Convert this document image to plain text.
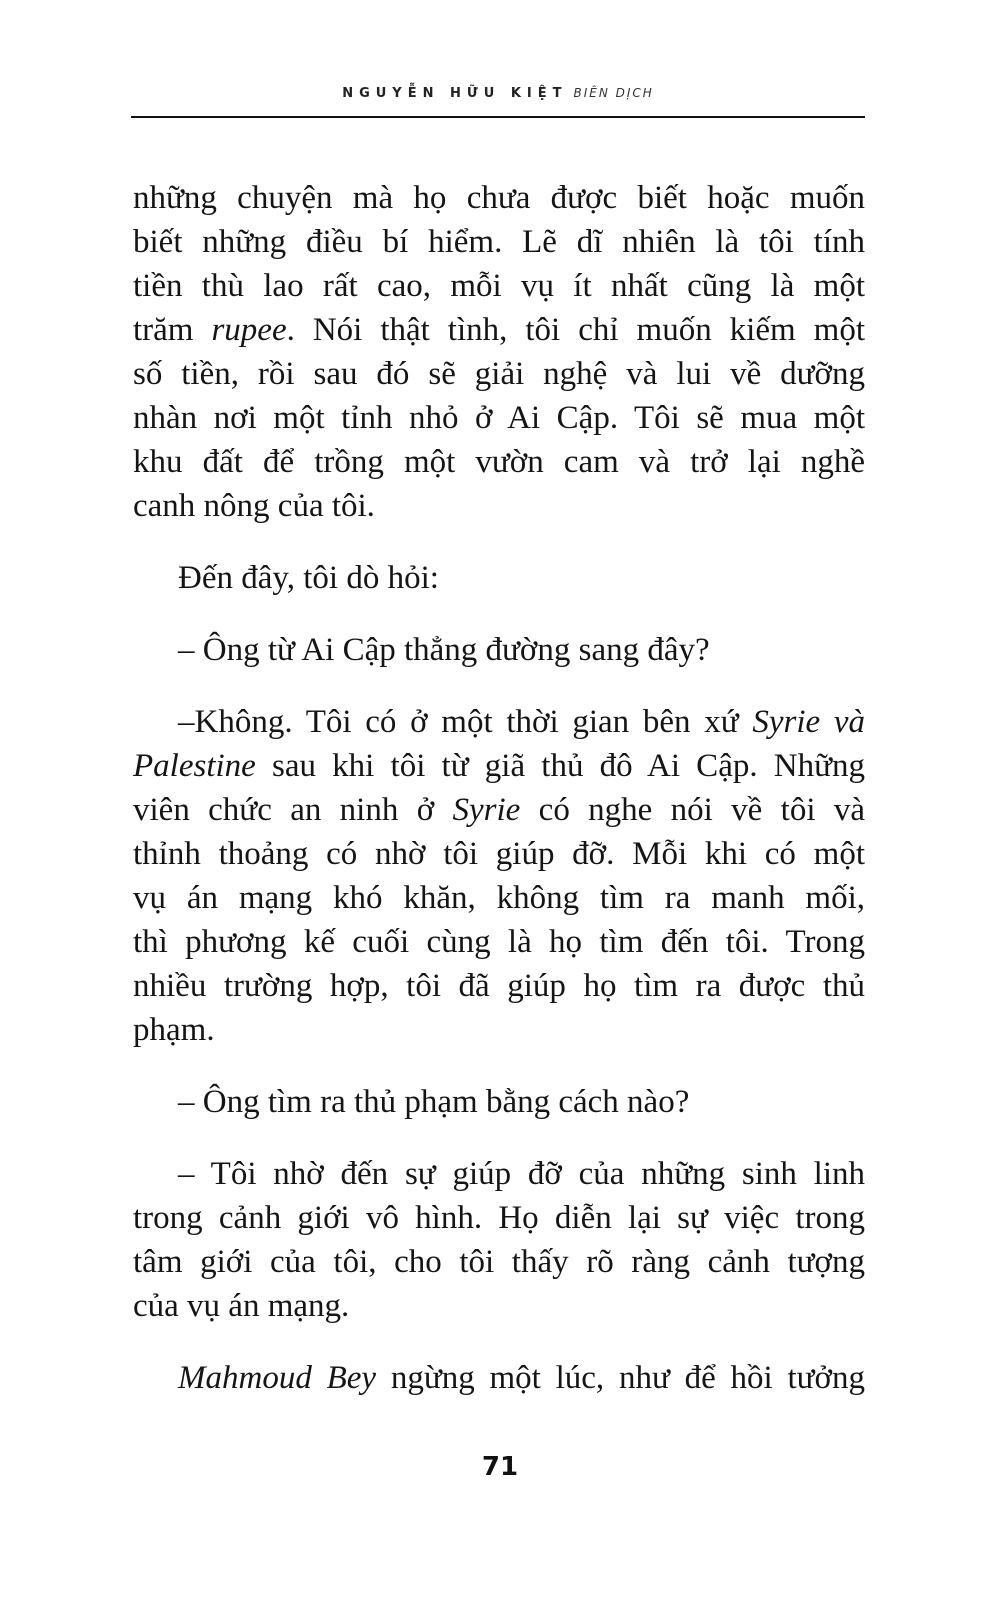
NGUYỄN HỮU KIỆT BIÊN DỊCH
những chuyện mà họ chưa được biết hoặc muốn
biết những điều bí hiểm. Lẽ dĩ nhiên là tôi tính
tiền thù lao rất cao, mỗi vụ ít nhất cũng là một
trăm rupee. Nói thật tình, tôi chỉ muốn kiếm một
số tiền, rồi sau đó sẽ giải nghệ và lui về dưỡng
nhàn nơi một tỉnh nhỏ ở Ai Cập. Tôi sẽ mua một
khu đất để trồng một vườn cam và trở lại nghề
canh nông của tôi.
Đến đây, tôi dò hỏi:
– Ông từ Ai Cập thẳng đường sang đây?
–Không. Tôi có ở một thời gian bên xứ Syrie và
Palestine sau khi tôi từ giã thủ đô Ai Cập. Những
viên chức an ninh ở Syrie có nghe nói về tôi và
thỉnh thoảng có nhờ tôi giúp đỡ. Mỗi khi có một
vụ án mạng khó khăn, không tìm ra manh mối,
thì phương kế cuối cùng là họ tìm đến tôi. Trong
nhiều trường hợp, tôi đã giúp họ tìm ra được thủ
phạm.
– Ông tìm ra thủ phạm bằng cách nào?
– Tôi nhờ đến sự giúp đỡ của những sinh linh
trong cảnh giới vô hình. Họ diễn lại sự việc trong
tâm giới của tôi, cho tôi thấy rõ ràng cảnh tượng
của vụ án mạng.
Mahmoud Bey ngừng một lúc, như để hồi tưởng
71
